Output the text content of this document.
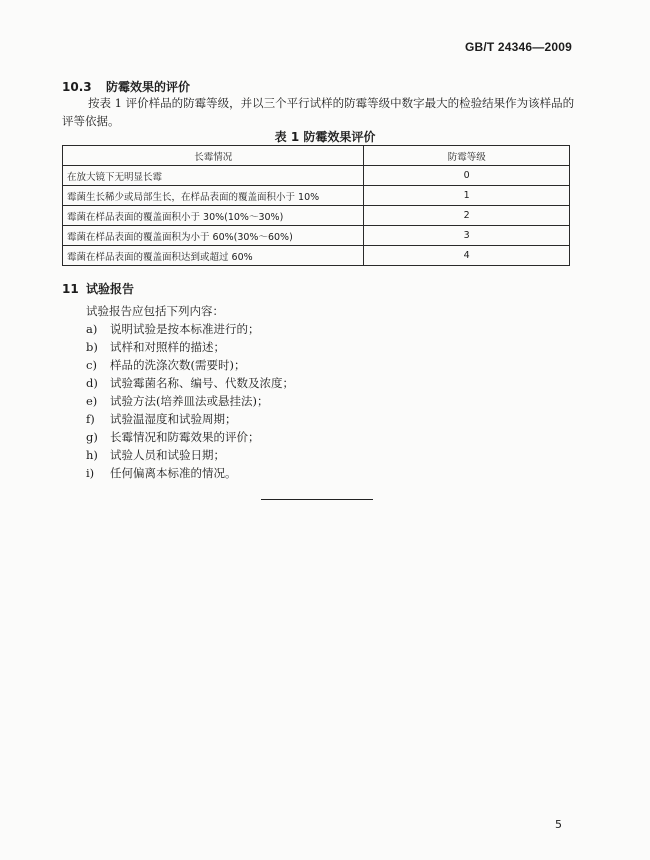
GB/T 24346—2009
10.3 防霉效果的评价
按表 1 评价样品的防霉等级，并以三个平行试样的防霉等级中数字最大的检验结果作为该样品的评等依据。
表 1 防霉效果评价
长霉情况	防霉等级
在放大镜下无明显长霉	0
霉菌生长稀少或局部生长，在样品表面的覆盖面积小于 10%	1
霉菌在样品表面的覆盖面积小于 30%(10%～30%)	2
霉菌在样品表面的覆盖面积为小于 60%(30%～60%)	3
霉菌在样品表面的覆盖面积达到或超过 60%	4
11 试验报告
试验报告应包括下列内容：
a) 说明试验是按本标准进行的；
b) 试样和对照样的描述；
c) 样品的洗涤次数(需要时)；
d) 试验霉菌名称、编号、代数及浓度；
e) 试验方法(培养皿法或悬挂法)；
f) 试验温湿度和试验周期；
g) 长霉情况和防霉效果的评价；
h) 试验人员和试验日期；
i) 任何偏离本标准的情况。
5
